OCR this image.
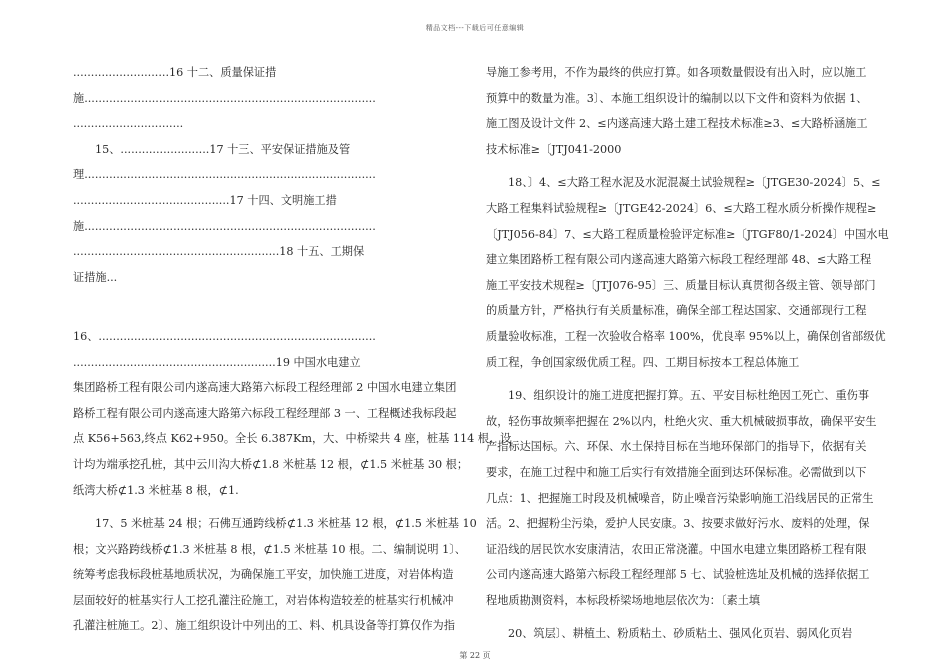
精品文档---下载后可任意编辑

...........................16 十二、质量保证措

施..................................................................................

...............................

15、.........................17 十三、平安保证措施及管

理..................................................................................

............................................17 十四、文明施工措

施..................................................................................

..........................................................18 十五、工期保

证措施...

16、..............................................................................

.........................................................19 中国水电建立

集团路桥工程有限公司内遂高速大路第六标段工程经理部 2 中国水电建立集团

路桥工程有限公司内遂高速大路第六标段工程经理部 3 一、工程概述我标段起

点 K56+563,终点 K62+950。全长 6.387Km，大、中桥梁共 4 座，桩基 114 根，设

计均为端承挖孔桩，其中云川沟大桥⊄1.8 米桩基 12 根，⊄1.5 米桩基 30 根；

纸湾大桥⊄1.3 米桩基 8 根，⊄1.

17、5 米桩基 24 根；石佛互通跨线桥⊄1.3 米桩基 12 根，⊄1.5 米桩基 10

根；文兴路跨线桥⊄1.3 米桩基 8 根，⊄1.5 米桩基 10 根。二、编制说明 1〕、

统筹考虑我标段桩基地质状况，为确保施工平安，加快施工进度，对岩体构造

层面较好的桩基实行人工挖孔灌注砼施工，对岩体构造较差的桩基实行机械冲

孔灌注桩施工。2〕、施工组织设计中列出的工、料、机具设备等打算仅作为指

导施工参考用，不作为最终的供应打算。如各项数量假设有出入时，应以施工

预算中的数量为准。3〕、本施工组织设计的编制以以下文件和资料为依据 1、

施工图及设计文件 2、≤内遂高速大路土建工程技术标准≥3、≤大路桥涵施工

技术标准≥〔JTJ041-2000

18、〕4、≤大路工程水泥及水泥混凝土试验规程≥〔JTGE30-2024〕5、≤

大路工程集料试验规程≥〔JTGE42-2024〕6、≤大路工程水质分析操作规程≥

〔JTJ056-84〕7、≤大路工程质量检验评定标准≥〔JTGF80/1-2024〕中国水电

建立集团路桥工程有限公司内遂高速大路第六标段工程经理部 48、≤大路工程

施工平安技术规程≥〔JTJ076-95〕三、质量目标认真贯彻各级主管、领导部门

的质量方针，严格执行有关质量标准，确保全部工程达国家、交通部现行工程

质量验收标准，工程一次验收合格率 100%，优良率 95%以上，确保创省部级优

质工程，争创国家级优质工程。四、工期目标按本工程总体施工

19、组织设计的施工进度把握打算。五、平安目标杜绝因工死亡、重伤事

故，轻伤事故频率把握在 2%以内，杜绝火灾、重大机械破损事故，确保平安生

产指标达国标。六、环保、水土保持目标在当地环保部门的指导下，依据有关

要求，在施工过程中和施工后实行有效措施全面到达环保标准。必需做到以下

几点：1、把握施工时段及机械噪音，防止噪音污染影响施工沿线居民的正常生

活。2、把握粉尘污染，爱护人民安康。3、按要求做好污水、废料的处理，保

证沿线的居民饮水安康清洁，农田正常浇灌。中国水电建立集团路桥工程有限

公司内遂高速大路第六标段工程经理部 5 七、试验桩选址及机械的选择依据工

程地质勘测资料，本标段桥梁场地地层依次为：〔素土填

20、筑层〕、耕植土、粉质粘土、砂质粘土、强风化页岩、弱风化页岩

第 22 页
